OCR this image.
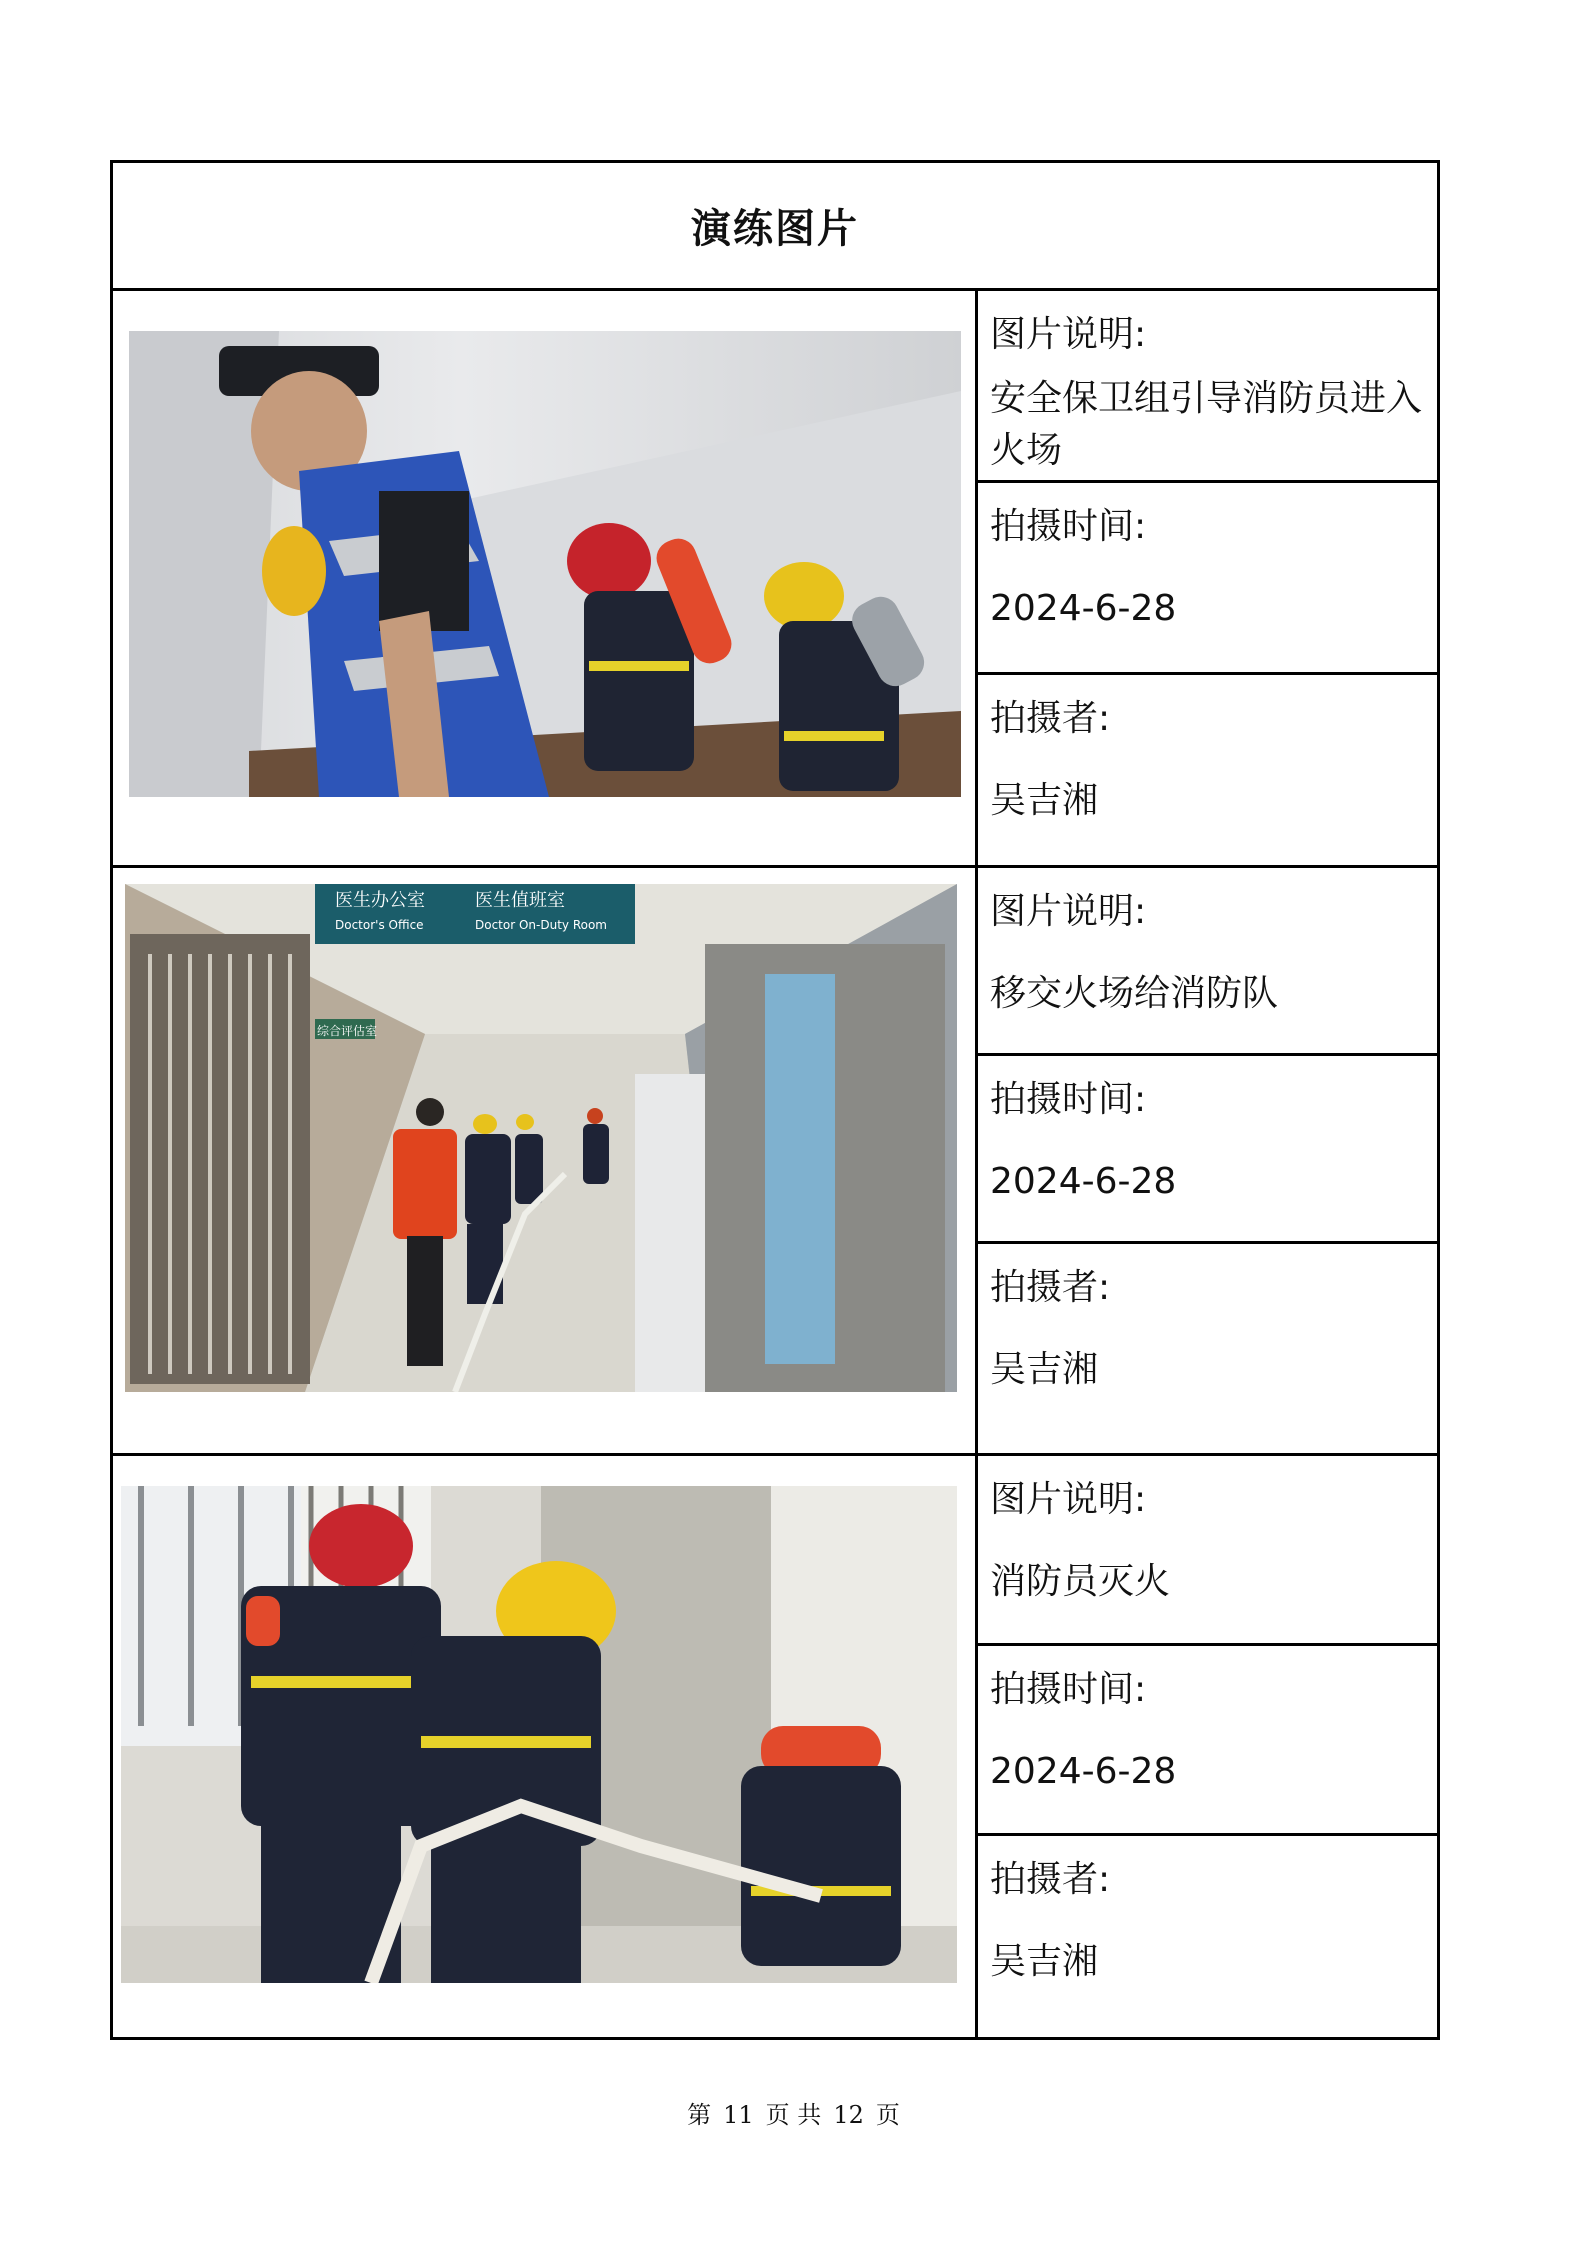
演练图片
图片说明:
安全保卫组引导消防员进入火场
拍摄时间:
2024-6-28
拍摄者:
吴吉湘
医生办公室
Doctor's Office
医生值班室
Doctor On-Duty Room
综合评估室
图片说明:
移交火场给消防队
拍摄时间:
2024-6-28
拍摄者:
吴吉湘
图片说明:
消防员灭火
拍摄时间:
2024-6-28
拍摄者:
吴吉湘
第 11 页 共 12 页
